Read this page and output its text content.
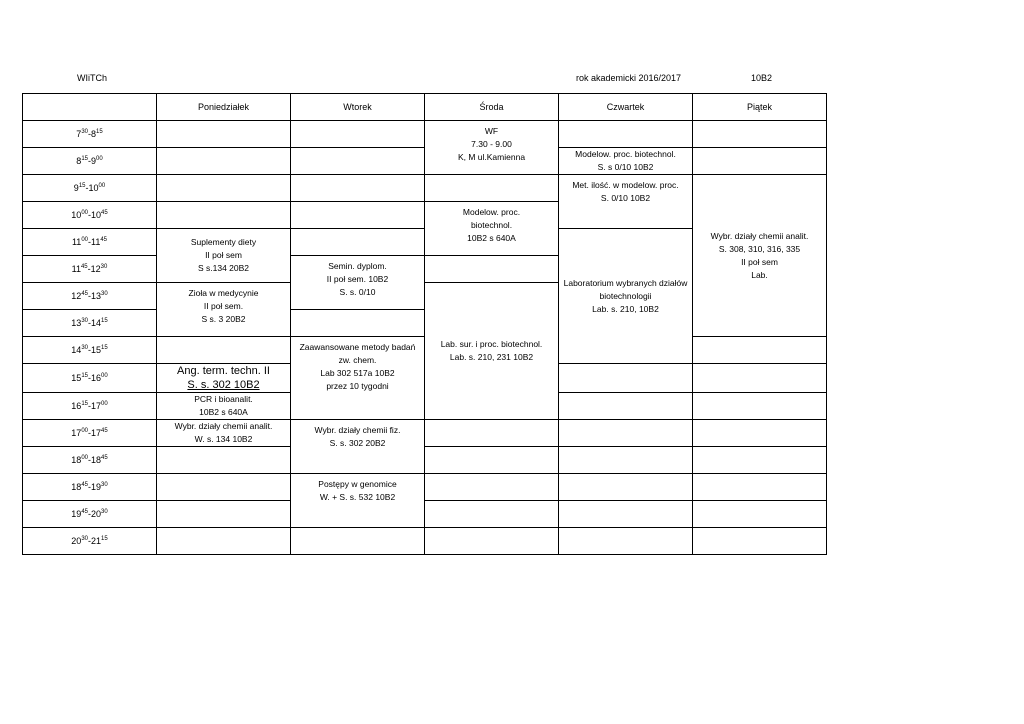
WIiTCh	rok akademicki 2016/2017	10B2
	Poniedziałek	Wtorek	Środa	Czwartek	Piątek
$7^{30}-8^{15}$			WF
7.30 - 9.00
K, M ul.Kamienna		

$8^{15}-9^{00}$				Modelow. proc. biotechnol.
S. s 0/10 10B2	

$9^{15}-10^{00}$				Met. ilość. w modelow. proc.
S. 0/10 10B2	Wybr. działy chemii analit.
S. 308, 310, 316, 335
II poł sem
Lab.

$10^{00}-10^{45}$			Modelow. proc.
biotechnol.
10B2 s 640A		

$11^{00}-11^{45}$	Suplementy diety
II poł sem
S s.134 20B2			Laboratorium wybranych działów
biotechnologii
Lab. s. 210, 10B2	

$11^{45}-12^{30}$		Semin. dyplom.
II poł sem. 10B2
S. s. 0/10			

$12^{45}-13^{30}$	Zioła w medycynie
II poł sem.
S s. 3 20B2		Lab. sur. i proc. biotechnol.
Lab. s. 210, 231 10B2		

$13^{30}-14^{15}$	
$14^{30}-15^{15}$		Zaawansowane metody badań
zw. chem.
Lab 302 517a 10B2
przez 10 tygodni			

$15^{15}-16^{00}$	Ang. term. techn. II
S. s. 302 10B2				

$16^{15}-17^{00}$	PCR i bioanalit.
10B2 s 640A				

$17^{00}-17^{45}$	Wybr. działy chemii analit.
W. s. 134 10B2	Wybr. działy chemii fiz.
S. s. 302 20B2			

$18^{00}-18^{45}$				
$18^{45}-19^{30}$		Postępy w genomice
W. + S. s. 532 10B2			

$19^{45}-20^{30}$				
$20^{30}-21^{15}$					
